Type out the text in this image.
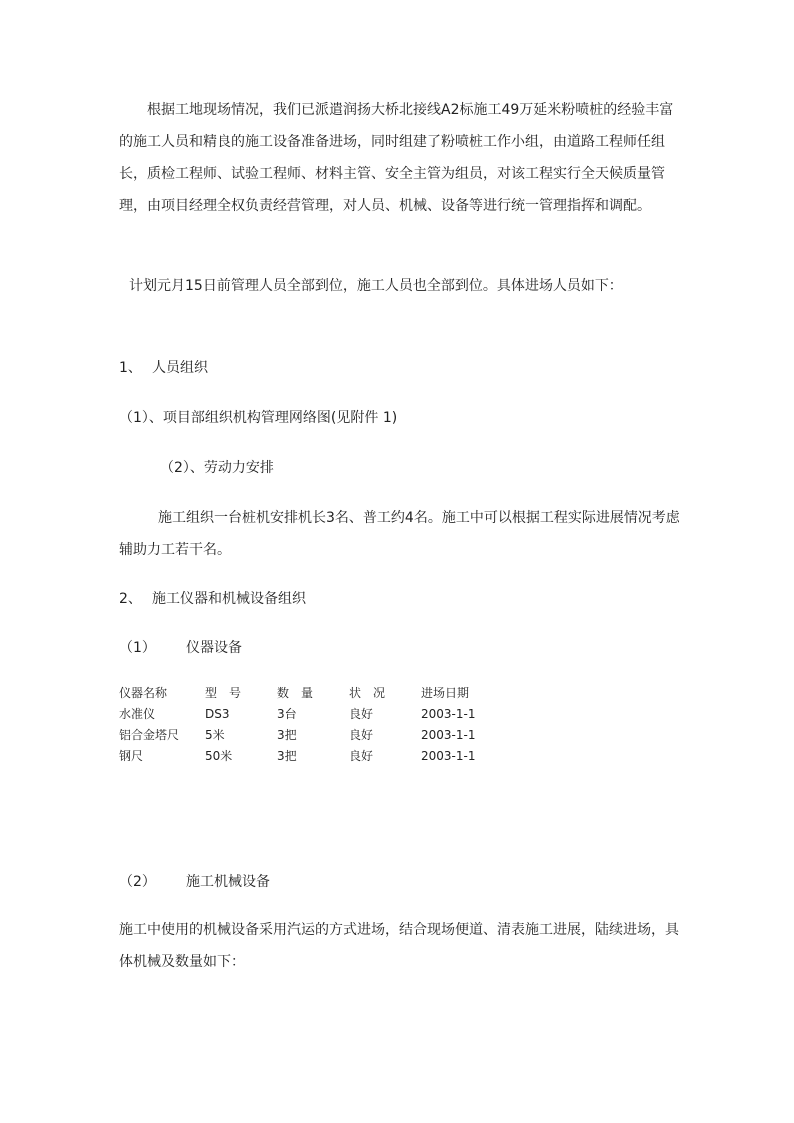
根据工地现场情况，我们已派遣润扬大桥北接线A2标施工49万延米粉喷桩的经验丰富的施工人员和精良的施工设备准备进场，同时组建了粉喷桩工作小组，由道路工程师任组长，质检工程师、试验工程师、材料主管、安全主管为组员，对该工程实行全天候质量管理，由项目经理全权负责经营管理，对人员、机械、设备等进行统一管理指挥和调配。

计划元月15日前管理人员全部到位，施工人员也全部到位。具体进场人员如下：

1、 人员组织
（1）、项目部组织机构管理网络图(见附件 1)
（2）、劳动力安排

施工组织一台桩机安排机长3名、普工约4名。施工中可以根据工程实际进展情况考虑辅助力工若干名。

2、 施工仪器和机械设备组织
（1） 仪器设备
仪器名称	型　号	数　量	状　况	进场日期
水准仪	DS3	3台	良好	2003-1-1
铝合金塔尺 5米	3把	良好	2003-1-1
钢尺	50米	3把	良好	2003-1-1
（2） 施工机械设备

施工中使用的机械设备采用汽运的方式进场，结合现场便道、清表施工进展，陆续进场，具体机械及数量如下：
